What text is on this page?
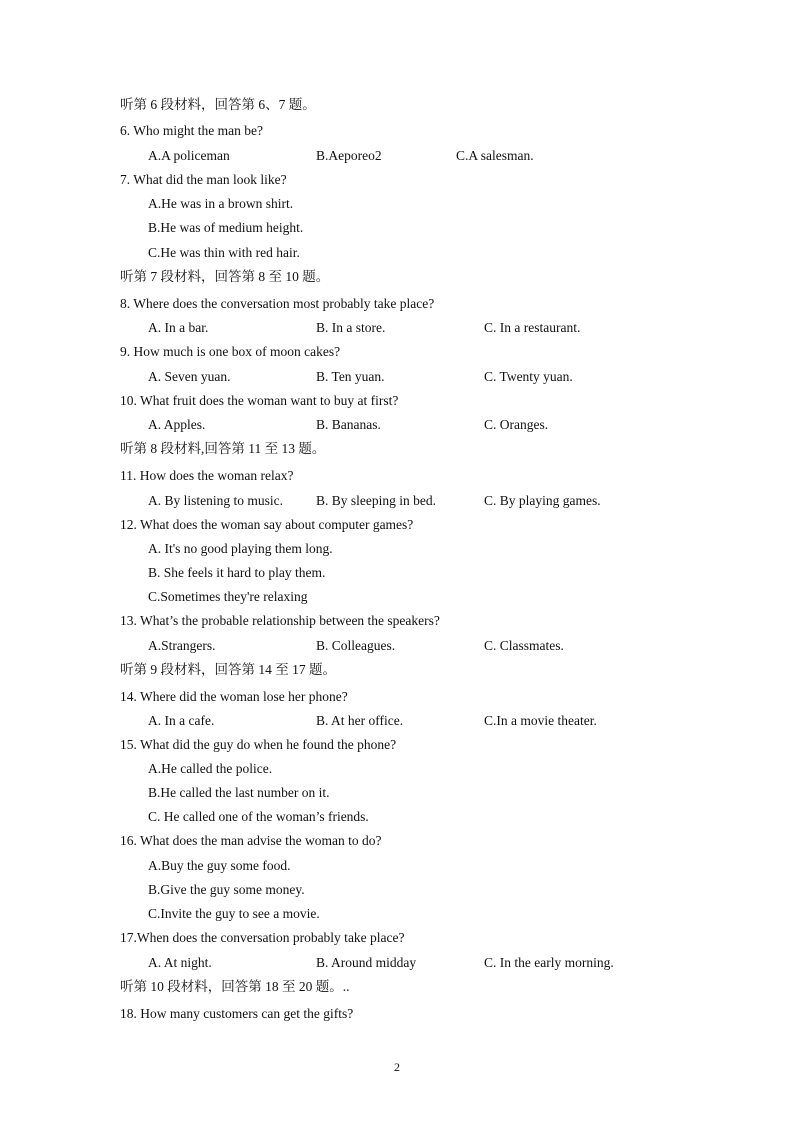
听第 6 段材料，回答第 6、7 题。
6. Who might the man be?
A.A policeman	B.Aeporeo2	C.A salesman.
7. What did the man look like?
A.He was in a brown shirt.
B.He was of medium height.
C.He was thin with red hair.
听第 7 段材料，回答第 8 至 10 题。
8. Where does the conversation most probably take place?
A. In a bar.	B. In a store.	C. In a restaurant.
9. How much is one box of moon cakes?
A. Seven yuan.	B. Ten yuan.	C. Twenty yuan.
10. What fruit does the woman want to buy at first?
A. Apples.	B. Bananas.	C. Oranges.
听第 8 段材料,回答第 11 至 13 题。
11. How does the woman relax?
A. By listening to music. B. By sleeping in bed.	C. By playing games.
12. What does the woman say about computer games?
A. It's no good playing them long.
B. She feels it hard to play them.
C.Sometimes they're relaxing
13. What’s the probable relationship between the speakers?
A.Strangers.	B. Colleagues.	C. Classmates.
听第 9 段材料，回答第 14 至 17 题。
14. Where did the woman lose her phone?
A. In a cafe.	B. At her office.	C.In a movie theater.
15. What did the guy do when he found the phone?
A.He called the police.
B.He called the last number on it.
C. He called one of the woman’s friends.
16. What does the man advise the woman to do?
A.Buy the guy some food.
B.Give the guy some money.
C.Invite the guy to see a movie.
17.When does the conversation probably take place?
A. At night.	B. Around midday	C. In the early morning.
听第 10 段材料，回答第 18 至 20 题。..
18. How many customers can get the gifts?
2
